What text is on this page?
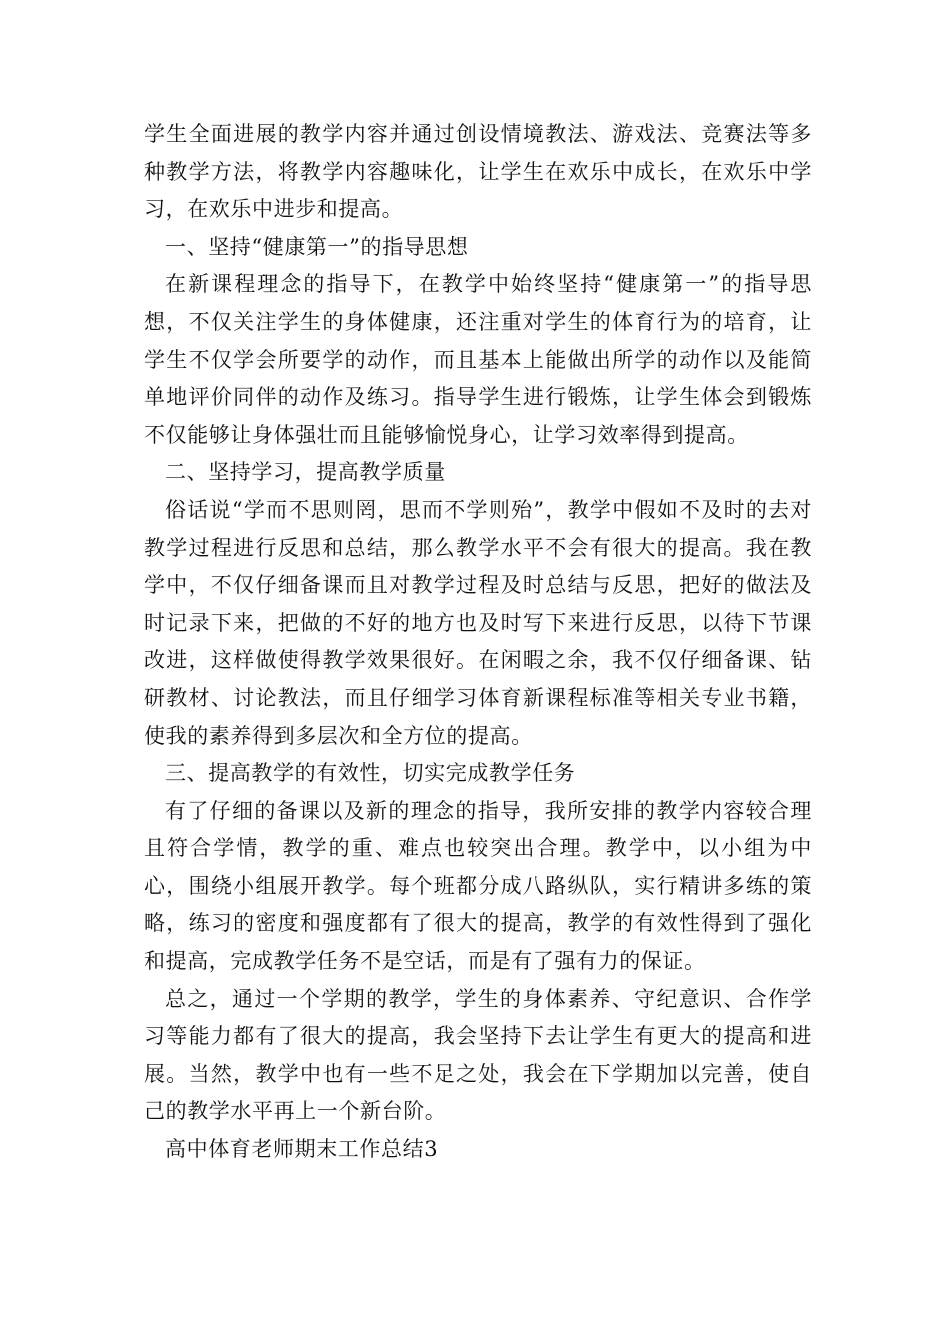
学生全面进展的教学内容并通过创设情境教法、游戏法、竞赛法等多种教学方法，将教学内容趣味化，让学生在欢乐中成长，在欢乐中学习，在欢乐中进步和提高。

一、坚持“健康第一”的指导思想

在新课程理念的指导下，在教学中始终坚持“健康第一”的指导思想，不仅关注学生的身体健康，还注重对学生的体育行为的培育，让学生不仅学会所要学的动作，而且基本上能做出所学的动作以及能简单地评价同伴的动作及练习。指导学生进行锻炼，让学生体会到锻炼不仅能够让身体强壮而且能够愉悦身心，让学习效率得到提高。

二、坚持学习，提高教学质量

俗话说“学而不思则罔，思而不学则殆”，教学中假如不及时的去对教学过程进行反思和总结，那么教学水平不会有很大的提高。我在教学中，不仅仔细备课而且对教学过程及时总结与反思，把好的做法及时记录下来，把做的不好的地方也及时写下来进行反思，以待下节课改进，这样做使得教学效果很好。在闲暇之余，我不仅仔细备课、钻研教材、讨论教法，而且仔细学习体育新课程标准等相关专业书籍，使我的素养得到多层次和全方位的提高。

三、提高教学的有效性，切实完成教学任务

有了仔细的备课以及新的理念的指导，我所安排的教学内容较合理且符合学情，教学的重、难点也较突出合理。教学中，以小组为中心，围绕小组展开教学。每个班都分成八路纵队，实行精讲多练的策略，练习的密度和强度都有了很大的提高，教学的有效性得到了强化和提高，完成教学任务不是空话，而是有了强有力的保证。

总之，通过一个学期的教学，学生的身体素养、守纪意识、合作学习等能力都有了很大的提高，我会坚持下去让学生有更大的提高和进展。当然，教学中也有一些不足之处，我会在下学期加以完善，使自己的教学水平再上一个新台阶。

高中体育老师期末工作总结3
